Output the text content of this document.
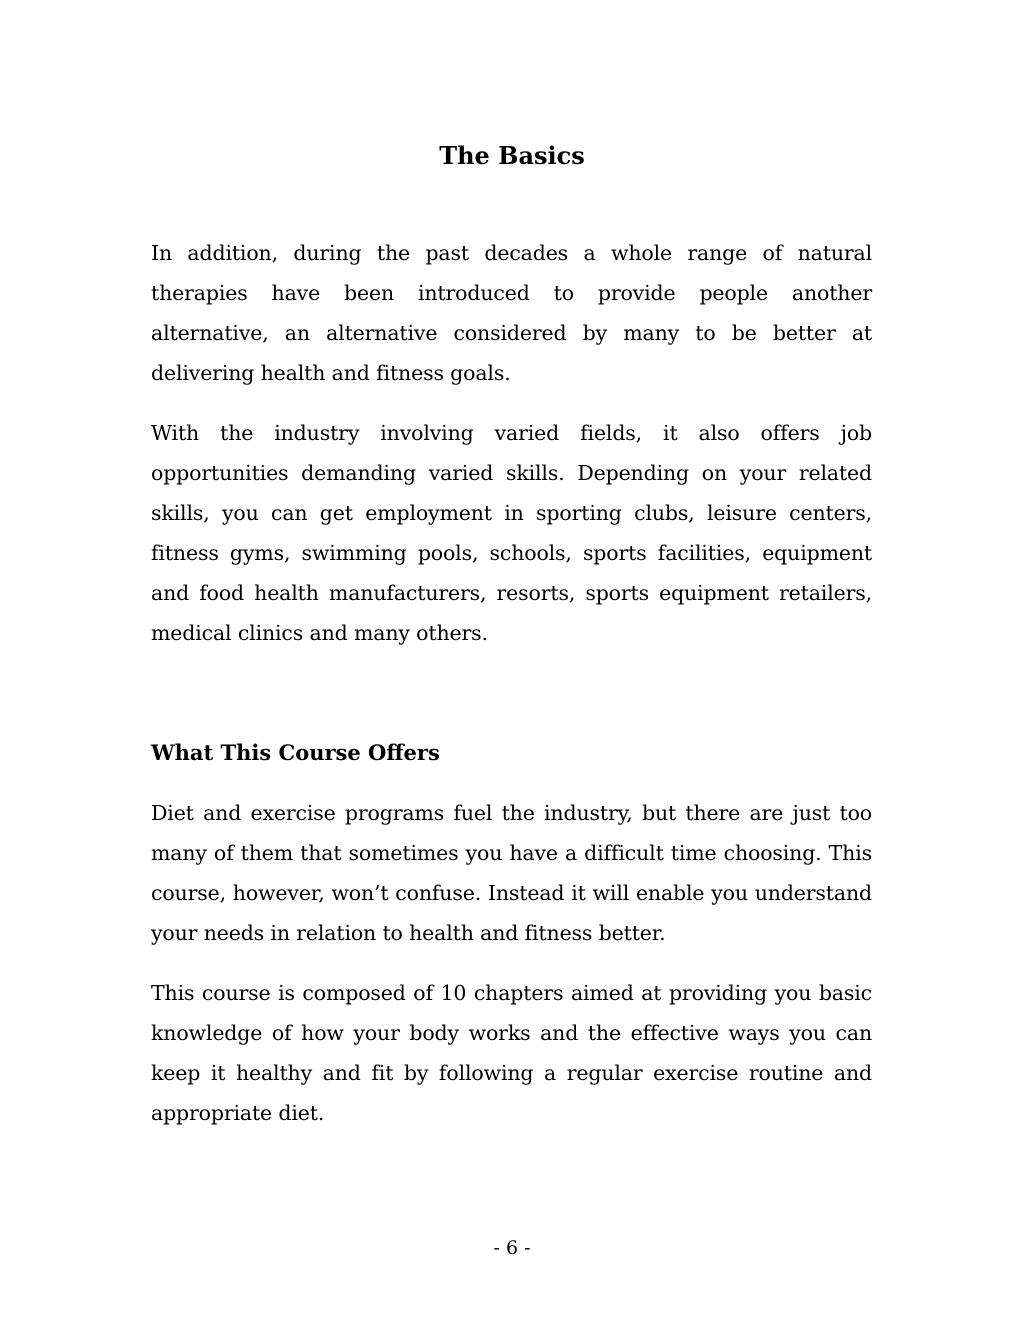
The Basics

In addition, during the past decades a whole range of natural therapies have been introduced to provide people another alternative, an alternative considered by many to be better at delivering health and fitness goals.

With the industry involving varied fields, it also offers job opportunities demanding varied skills. Depending on your related skills, you can get employment in sporting clubs, leisure centers, fitness gyms, swimming pools, schools, sports facilities, equipment and food health manufacturers, resorts, sports equipment retailers, medical clinics and many others.

What This Course Offers

Diet and exercise programs fuel the industry, but there are just too many of them that sometimes you have a difficult time choosing. This course, however, won’t confuse. Instead it will enable you understand your needs in relation to health and fitness better.

This course is composed of 10 chapters aimed at providing you basic knowledge of how your body works and the effective ways you can keep it healthy and fit by following a regular exercise routine and appropriate diet.

- 6 -
